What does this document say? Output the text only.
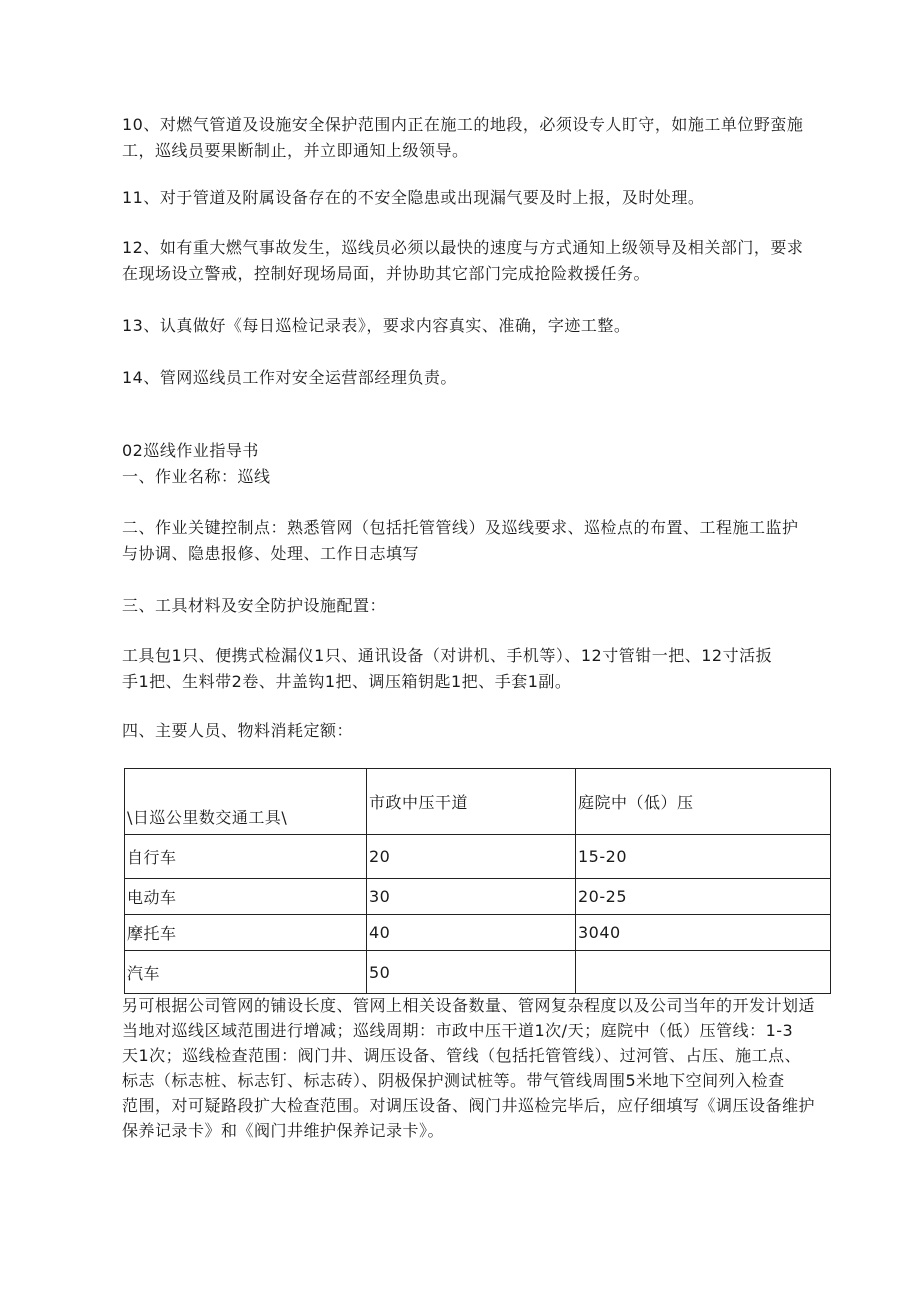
10、对燃气管道及设施安全保护范围内正在施工的地段，必须设专人盯守，如施工单位野蛮施
工，巡线员要果断制止，并立即通知上级领导。

11、对于管道及附属设备存在的不安全隐患或出现漏气要及时上报，及时处理。

12、如有重大燃气事故发生，巡线员必须以最快的速度与方式通知上级领导及相关部门，要求
在现场设立警戒，控制好现场局面，并协助其它部门完成抢险救援任务。

13、认真做好《每日巡检记录表》，要求内容真实、准确，字迹工整。

14、管网巡线员工作对安全运营部经理负责。

02巡线作业指导书
一、作业名称：巡线

二、作业关键控制点：熟悉管网（包括托管管线）及巡线要求、巡检点的布置、工程施工监护
与协调、隐患报修、处理、工作日志填写

三、工具材料及安全防护设施配置：

工具包1只、便携式检漏仪1只、通讯设备（对讲机、手机等）、12寸管钳一把、12寸活扳
手1把、生料带2卷、井盖钩1把、调压箱钥匙1把、手套1副。

四、主要人员、物料消耗定额：

\日巡公里数交通工具\	市政中压干道	庭院中（低）压
自行车	20	15-20
电动车	30	20-25
摩托车	40	3040
汽车	50	

另可根据公司管网的铺设长度、管网上相关设备数量、管网复杂程度以及公司当年的开发计划适
当地对巡线区域范围进行增减；巡线周期：市政中压干道1次/天；庭院中（低）压管线：1-3
天1次；巡线检查范围：阀门井、调压设备、管线（包括托管管线）、过河管、占压、施工点、
标志（标志桩、标志钉、标志砖）、阴极保护测试桩等。带气管线周围5米地下空间列入检查
范围，对可疑路段扩大检查范围。对调压设备、阀门井巡检完毕后，应仔细填写《调压设备维护
保养记录卡》和《阀门井维护保养记录卡》。
